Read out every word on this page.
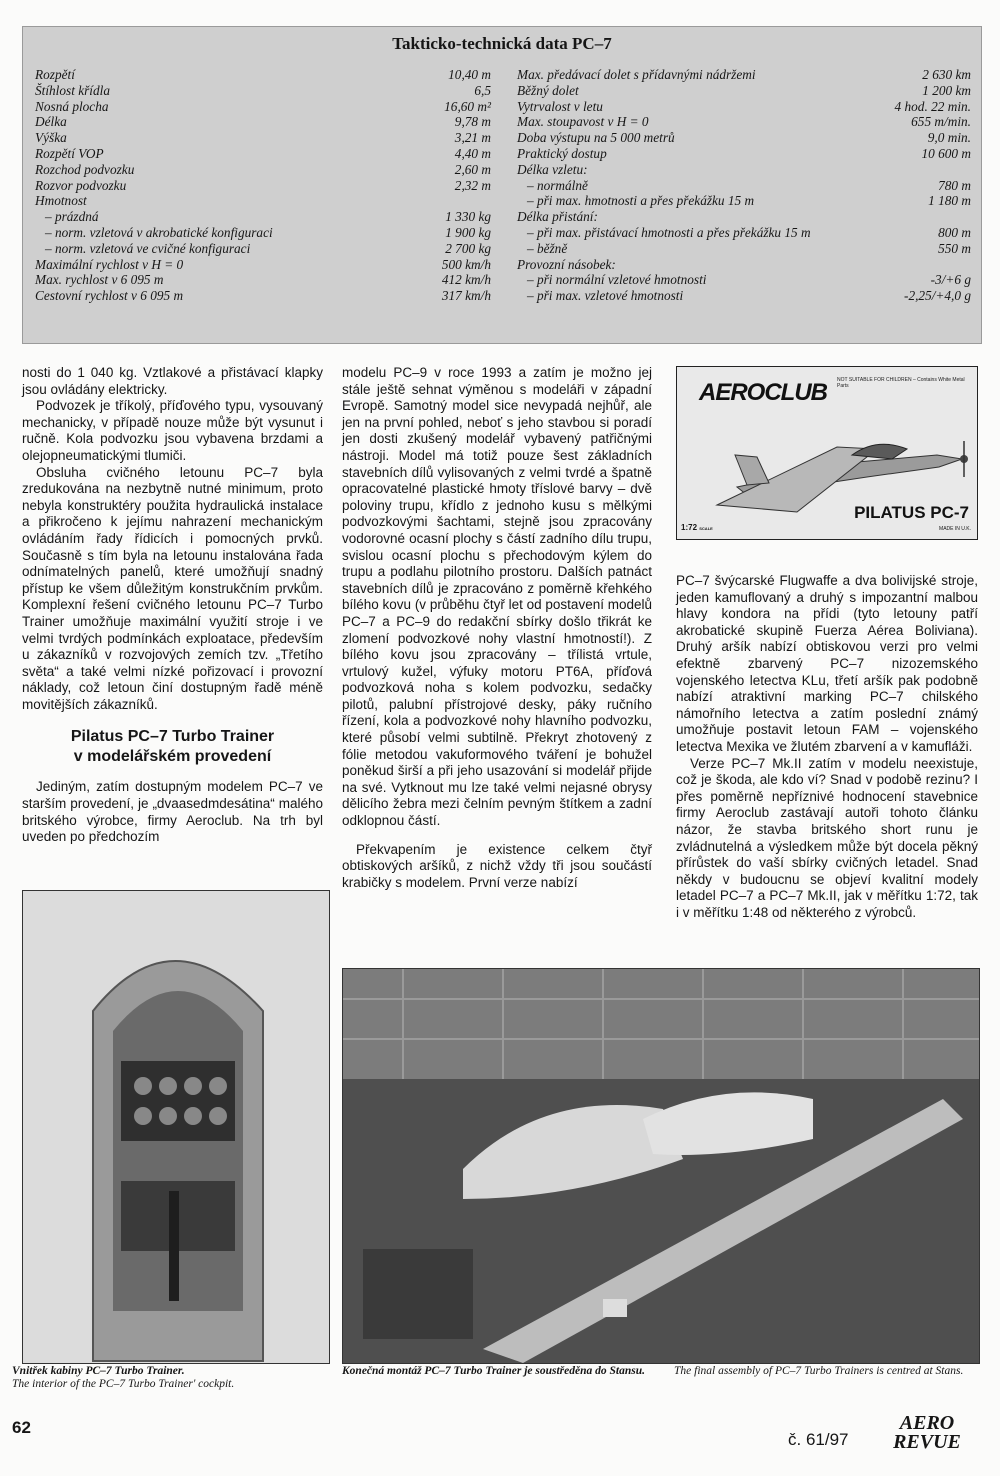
Takticko-technická data PC–7
Rozpětí	10,40 m
Štíhlost křídla	6,5
Nosná plocha	16,60 m²
Délka	9,78 m
Výška	3,21 m
Rozpětí VOP	4,40 m
Rozchod podvozku	2,60 m
Rozvor podvozku	2,32 m
Hmotnost
– prázdná	1 330 kg
– norm. vzletová v akrobatické konfiguraci	1 900 kg
– norm. vzletová ve cvičné konfiguraci	2 700 kg
Maximální rychlost v H = 0	500 km/h
Max. rychlost v 6 095 m	412 km/h
Cestovní rychlost v 6 095 m	317 km/h
Max. předávací dolet s přídavnými nádržemi	2 630 km
Běžný dolet	1 200 km
Vytrvalost v letu	4 hod. 22 min.
Max. stoupavost v H = 0	655 m/min.
Doba výstupu na 5 000 metrů	9,0 min.
Praktický dostup	10 600 m
Délka vzletu:
– normálně	780 m
– při max. hmotnosti a přes překážku 15 m	1 180 m
Délka přistání:
– při max. přistávací hmotnosti a přes překážku 15 m	800 m
– běžně	550 m
Provozní násobek:
– při normální vzletové hmotnosti	-3/+6 g
– při max. vzletové hmotnosti	-2,25/+4,0 g

nosti do 1 040 kg. Vztlakové a přistávací klapky jsou ovládány elektricky.

Podvozek je tříkolý, příďového typu, vysouvaný mechanicky, v případě nouze může být vysunut i ručně. Kola podvozku jsou vybavena brzdami a olejopneumatickými tlumiči.

Obsluha cvičného letounu PC–7 byla zredukována na nezbytně nutné minimum, proto nebyla konstruktéry použita hydraulická instalace a přikročeno k jejímu nahrazení mechanickým ovládáním řady řídicích i pomocných prvků. Současně s tím byla na letounu instalována řada odnímatelných panelů, které umožňují snadný přístup ke všem důležitým konstrukčním prvkům. Komplexní řešení cvičného letounu PC–7 Turbo Trainer umožňuje maximální využití stroje i ve velmi tvrdých podmínkách exploatace, především u zákazníků v rozvojových zemích tzv. „Třetího světa“ a také velmi nízké pořizovací i provozní náklady, což letoun činí dostupným řadě méně movitějších zákazníků.

Pilatus PC–7 Turbo Trainer
v modelářském provedení

Jediným, zatím dostupným modelem PC–7 ve starším provedení, je „dvaasedmdesátina“ malého britského výrobce, firmy Aeroclub. Na trh byl uveden po předchozím

modelu PC–9 v roce 1993 a zatím je možno jej stále ještě sehnat výměnou s modeláři v západní Evropě. Samotný model sice nevypadá nejhůř, ale jen na první pohled, neboť s jeho stavbou si poradí jen dosti zkušený modelář vybavený patřičnými nástroji. Model má totiž pouze šest základních stavebních dílů vylisovaných z velmi tvrdé a špatně opracovatelné plastické hmoty tříslové barvy – dvě poloviny trupu, křídlo z jednoho kusu s mělkými podvozkovými šachtami, stejně jsou zpracovány vodorovné ocasní plochy s částí zadního dílu trupu, svislou ocasní plochu s přechodovým kýlem do trupu a podlahu pilotního prostoru. Dalších patnáct stavebních dílů je zpracováno z poměrně křehkého bílého kovu (v průběhu čtyř let od postavení modelů PC–7 a PC–9 do redakční sbírky došlo třikrát ke zlomení podvozkové nohy vlastní hmotností!). Z bílého kovu jsou zpracovány – třílistá vrtule, vrtulový kužel, výfuky motoru PT6A, příďová podvozková noha s kolem podvozku, sedačky pilotů, palubní přístrojové desky, páky ručního řízení, kola a podvozkové nohy hlavního podvozku, které působí velmi subtilně. Překryt zhotovený z fólie metodou vakuformového tváření je bohužel poněkud širší a při jeho usazování si modelář přijde na své. Vytknout mu lze také velmi nejasné obrysy dělicího žebra mezi čelním pevným štítkem a zadní odklopnou částí.

Překvapením je existence celkem čtyř obtiskových aršíků, z nichž vždy tři jsou součástí krabičky s modelem. První verze nabízí

AEROCLUB NOT SUITABLE FOR CHILDREN – Contains White Metal Parts
PILATUS PC-7
1:72 SCALE	MADE IN U.K.

PC–7 švýcarské Flugwaffe a dva bolivijské stroje, jeden kamuflovaný a druhý s impozantní malbou hlavy kondora na přídi (tyto letouny patří akrobatické skupině Fuerza Aérea Boliviana). Druhý aršík nabízí obtiskovou verzi pro velmi efektně zbarvený PC–7 nizozemského vojenského letectva KLu, třetí aršík pak podobně nabízí atraktivní marking PC–7 chilského námořního letectva a zatím poslední známý umožňuje postavit letoun FAM – vojenského letectva Mexika ve žlutém zbarvení a v kamufláži.

Verze PC–7 Mk.II zatím v modelu neexistuje, což je škoda, ale kdo ví? Snad v podobě rezinu? I přes poměrně nepříznivé hodnocení stavebnice firmy Aeroclub zastávají autoři tohoto článku názor, že stavba britského short runu je zvládnutelná a výsledkem může být docela pěkný přírůstek do vaší sbírky cvičných letadel. Snad někdy v budoucnu se objeví kvalitní modely letadel PC–7 a PC–7 Mk.II, jak v měřítku 1:72, tak i v měřítku 1:48 od některého z výrobců.

Vnitřek kabiny PC–7 Turbo Trainer.
The interior of the PC–7 Turbo Trainer' cockpit.
Konečná montáž PC–7 Turbo Trainer je soustředěna do Stansu.	The final assembly of PC–7 Turbo Trainers is centred at Stans.
62
č. 61/97
AERO
REVUE
